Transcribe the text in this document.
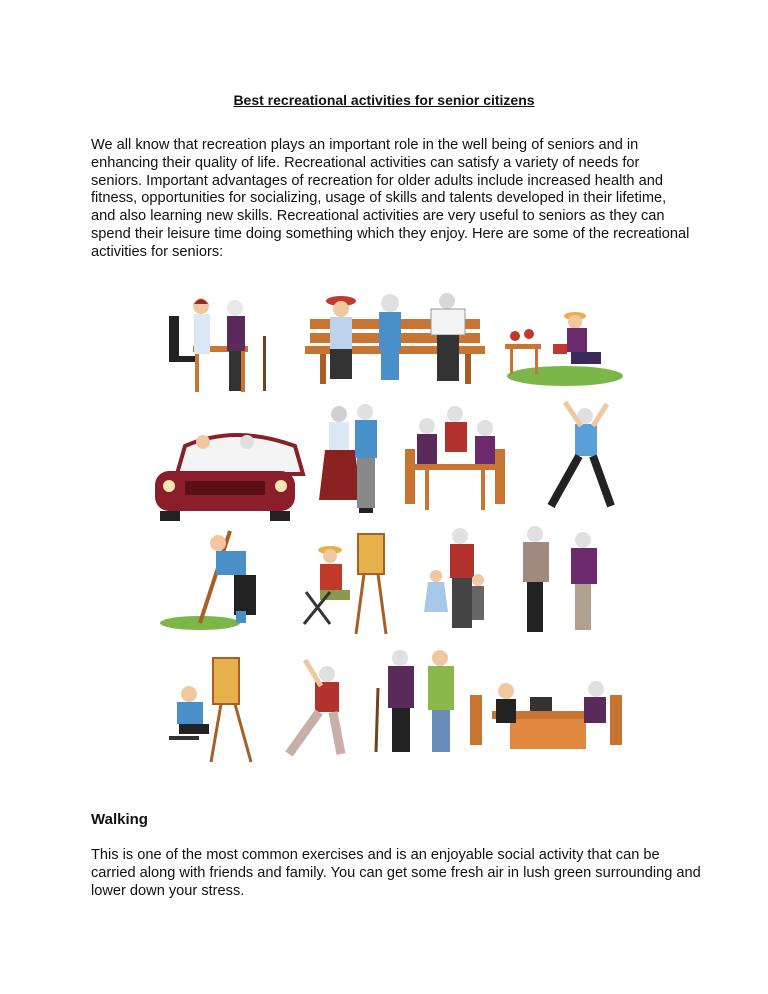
Best recreational activities for senior citizens

We all know that recreation plays an important role in the well being of seniors and in enhancing their quality of life. Recreational activities can satisfy a variety of needs for seniors. Important advantages of recreation for older adults include increased health and fitness, opportunities for socializing, usage of skills and talents developed in their lifetime, and also learning new skills. Recreational activities are very useful to seniors as they can spend their leisure time doing something which they enjoy. Here are some of the recreational activities for seniors:

Walking

This is one of the most common exercises and is an enjoyable social activity that can be carried along with friends and family. You can get some fresh air in lush green surrounding and lower down your stress.
